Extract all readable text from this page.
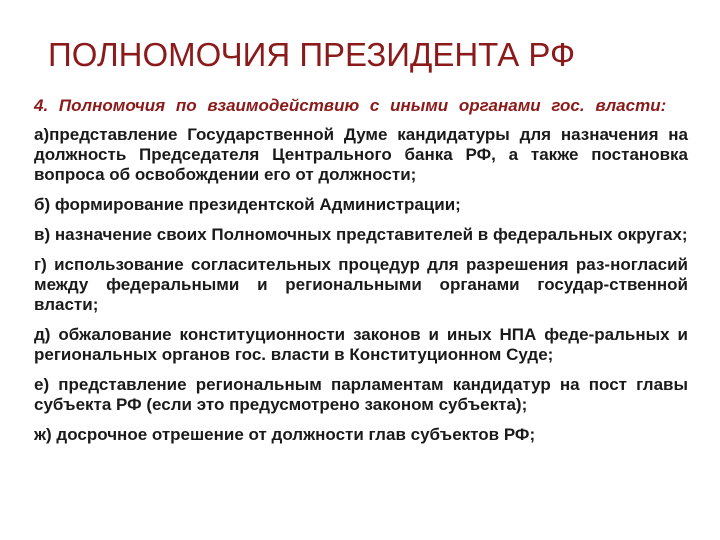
ПОЛНОМОЧИЯ ПРЕЗИДЕНТА РФ

4. Полномочия по взаимодействию с иными органами гос. власти:

а)представление Государственной Думе кандидатуры для назначения на должность Председателя Центрального банка РФ, а также постановка вопроса об освобождении его от должности;

б) формирование президентской Администрации;

в) назначение своих Полномочных представителей в федеральных округах;

г) использование согласительных процедур для разрешения раз-ногласий между федеральными и региональными органами государ-ственной власти;

д) обжалование конституционности законов и иных НПА феде-ральных и региональных органов гос. власти в Конституционном Суде;

е) представление региональным парламентам кандидатур на пост главы субъекта РФ (если это предусмотрено законом субъекта);

ж) досрочное отрешение от должности глав субъектов РФ;
